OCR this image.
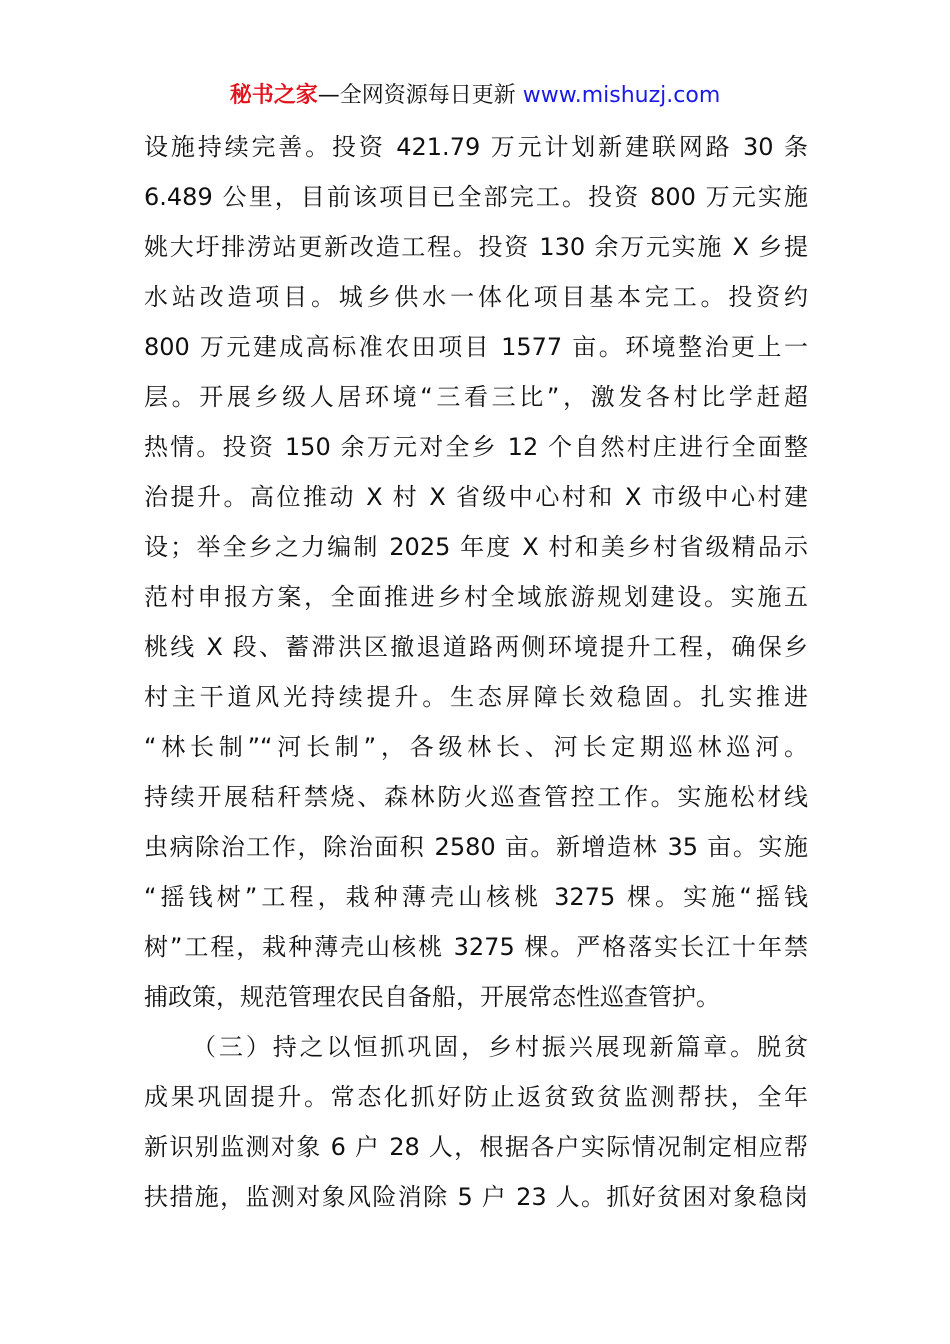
秘书之家—全网资源每日更新 www.mishuzj.com
设施持续完善。投资 421.79 万元计划新建联网路 30 条
6.489 公里，目前该项目已全部完工。投资 800 万元实施
姚大圩排涝站更新改造工程。投资 130 余万元实施 X 乡提
水站改造项目。城乡供水一体化项目基本完工。投资约
800 万元建成高标准农田项目 1577 亩。环境整治更上一
层。开展乡级人居环境“三看三比”，激发各村比学赶超
热情。投资 150 余万元对全乡 12 个自然村庄进行全面整
治提升。高位推动 X 村 X 省级中心村和 X 市级中心村建
设；举全乡之力编制 2025 年度 X 村和美乡村省级精品示
范村申报方案，全面推进乡村全域旅游规划建设。实施五
桃线 X 段、蓄滞洪区撤退道路两侧环境提升工程，确保乡
村主干道风光持续提升。生态屏障长效稳固。扎实推进
“林长制”“河长制”，各级林长、河长定期巡林巡河。
持续开展秸秆禁烧、森林防火巡查管控工作。实施松材线
虫病除治工作，除治面积 2580 亩。新增造林 35 亩。实施
“摇钱树”工程，栽种薄壳山核桃 3275 棵。实施“摇钱
树”工程，栽种薄壳山核桃 3275 棵。严格落实长江十年禁
捕政策，规范管理农民自备船，开展常态性巡查管护。
（三）持之以恒抓巩固，乡村振兴展现新篇章。脱贫
成果巩固提升。常态化抓好防止返贫致贫监测帮扶，全年
新识别监测对象 6 户 28 人，根据各户实际情况制定相应帮
扶措施，监测对象风险消除 5 户 23 人。抓好贫困对象稳岗
